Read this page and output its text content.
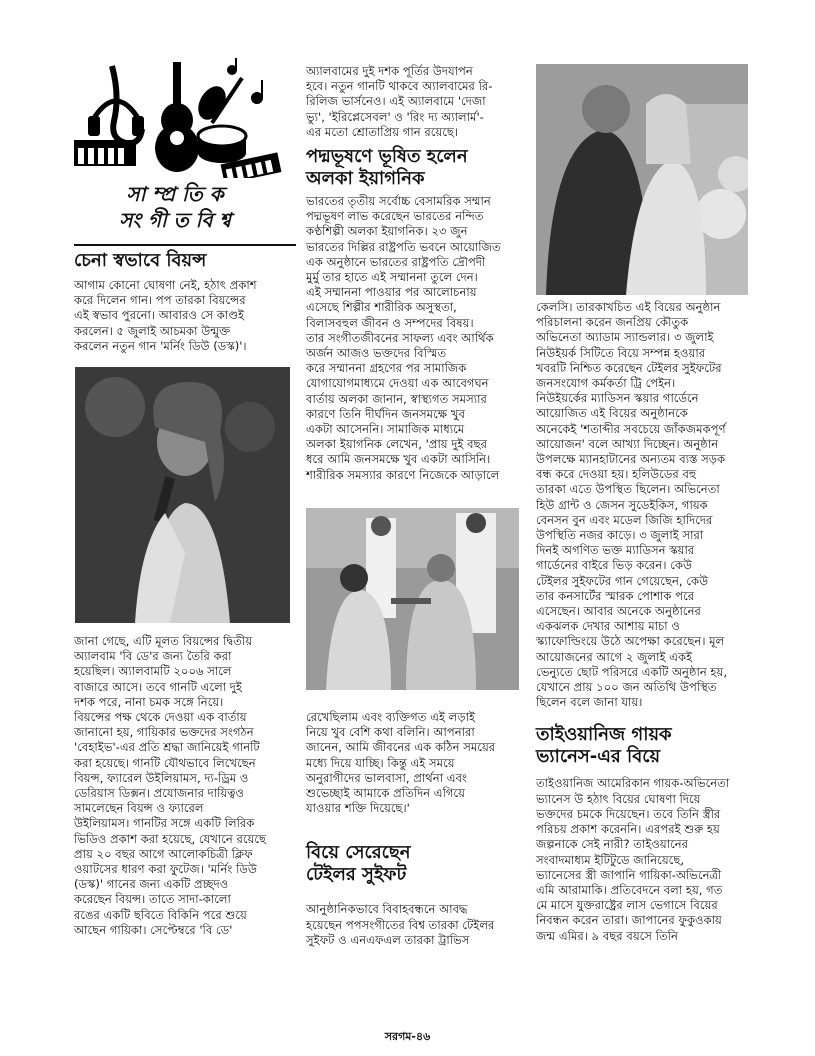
সা ম্প্র তি ক
সং গী ত বি শ্ব

চেনা স্বভাবে বিয়ন্স

আগাম কোনো ঘোষণা নেই, হঠাৎ প্রকাশ
করে দিলেন গান। পপ তারকা বিয়ন্সের
এই স্বভাব পুরনো। আবারও সে কাণ্ডই
করলেন। ৫ জুলাই আচমকা উন্মুক্ত
করলেন নতুন গান 'মর্নিং ডিউ (ডস্ক)'।

জানা গেছে, এটি মূলত বিয়ন্সের দ্বিতীয়
অ্যালবাম 'বি ডে'র জন্য তৈরি করা
হয়েছিল। অ্যালবামটি ২০০৬ সালে
বাজারে আসে। তবে গানটি এলো দুই
দশক পরে, নানা চমক সঙ্গে নিয়ে।
বিয়ন্সের পক্ষ থেকে দেওয়া এক বার্তায়
জানানো হয়, গায়িকার ভক্তদের সংগঠন
'বেহাইভ'-এর প্রতি শ্রদ্ধা জানিয়েই গানটি
করা হয়েছে। গানটি যৌথভাবে লিখেছেন
বিয়ন্স, ফ্যারেল উইলিয়ামস, দ্য-ড্রিম ও
ডেরিয়াস ডিক্সন। প্রযোজনার দায়িত্বও
সামলেছেন বিয়ন্স ও ফ্যারেল
উইলিয়ামস। গানটির সঙ্গে একটি লিরিক
ভিডিও প্রকাশ করা হয়েছে, যেখানে রয়েছে
প্রায় ২০ বছর আগে আলোকচিত্রী ক্লিফ
ওয়াটসের ধারণ করা ফুটেজ। 'মর্নিং ডিউ
(ডস্ক)' গানের জন্য একটি প্রচ্ছদও
করেছেন বিয়ন্স। তাতে সাদা-কালো
রঙের একটি ছবিতে বিকিনি পরে শুয়ে
আছেন গায়িকা। সেপ্টেম্বরে 'বি ডে'

অ্যালবামের দুই দশক পূর্তির উদযাপন
হবে। নতুন গানটি থাকবে অ্যালবামের রি-
রিলিজ ভার্সনেও। এই অ্যালবামে 'দেজা
ভ্যু', 'ইরিপ্লেসেবল' ও 'রিং দ্য অ্যালার্ম'-
এর মতো শ্রোতাপ্রিয় গান রয়েছে।

পদ্মভূষণে ভূষিত হলেন
অলকা ইয়াগনিক

ভারতের তৃতীয় সর্বোচ্চ বেসামরিক সম্মান
পদ্মভূষণ লাভ করেছেন ভারতের নন্দিত
কণ্ঠশিল্পী অলকা ইয়াগনিক। ২৩ জুন
ভারতের দিল্লির রাষ্ট্রপতি ভবনে আয়োজিত
এক অনুষ্ঠানে ভারতের রাষ্ট্রপতি দ্রৌপদী
মুর্মু তার হাতে এই সম্মাননা তুলে দেন।
এই সম্মাননা পাওয়ার পর আলোচনায়
এসেছে শিল্পীর শারীরিক অসুস্থতা,
বিলাসবহুল জীবন ও সম্পদের বিষয়।
তার সংগীতজীবনের সাফল্য এবং আর্থিক
অর্জন আজও ভক্তদের বিস্মিত
করে সম্মাননা গ্রহণের পর সামাজিক
যোগাযোগমাধ্যমে দেওয়া এক আবেগঘন
বার্তায় অলকা জানান, স্বাস্থ্যগত সমস্যার
কারণে তিনি দীর্ঘদিন জনসমক্ষে খুব
একটা আসেননি। সামাজিক মাধ্যমে
অলকা ইয়াগনিক লেখেন, 'প্রায় দুই বছর
ধরে আমি জনসমক্ষে খুব একটা আসিনি।
শারীরিক সমস্যার কারণে নিজেকে আড়ালে

রেখেছিলাম এবং ব্যক্তিগত এই লড়াই
নিয়ে খুব বেশি কথা বলিনি। আপনারা
জানেন, আমি জীবনের এক কঠিন সময়ের
মধ্যে দিয়ে যাচ্ছি। কিন্তু এই সময়ে
অনুরাগীদের ভালবাসা, প্রার্থনা এবং
শুভেচ্ছাই আমাকে প্রতিদিন এগিয়ে
যাওয়ার শক্তি দিয়েছে।'

বিয়ে সেরেছেন
টেইলর সুইফট

আনুষ্ঠানিকভাবে বিবাহবন্ধনে আবদ্ধ
হয়েছেন পপসংগীতের বিশ্ব তারকা টেইলর
সুইফট ও এনএফএল তারকা ট্রাভিস

কেলসি। তারকাখচিত এই বিয়ের অনুষ্ঠান
পরিচালনা করেন জনপ্রিয় কৌতুক
অভিনেতা অ্যাডাম স্যান্ডলার। ৩ জুলাই
নিউইয়র্ক সিটিতে বিয়ে সম্পন্ন হওয়ার
খবরটি নিশ্চিত করেছেন টেইলর সুইফটের
জনসংযোগ কর্মকর্তা ট্রি পেইন।
নিউইয়র্কের ম্যাডিসন স্কয়ার গার্ডেনে
আয়োজিত এই বিয়ের অনুষ্ঠানকে
অনেকেই 'শতাব্দীর সবচেয়ে জাঁকজমকপূর্ণ
আয়োজন' বলে আখ্যা দিচ্ছেন। অনুষ্ঠান
উপলক্ষে ম্যানহাটানের অন্যতম ব্যস্ত সড়ক
বন্ধ করে দেওয়া হয়। হলিউডের বহু
তারকা এতে উপস্থিত ছিলেন। অভিনেতা
হিউ গ্রান্ট ও জেসন সুডেইকিস, গায়ক
বেনসন বুন এবং মডেল জিজি হাদিদের
উপস্থিতি নজর কাড়ে। ৩ জুলাই সারা
দিনই অগণিত ভক্ত ম্যাডিসন স্কয়ার
গার্ডেনের বাইরে ভিড় করেন। কেউ
টেইলর সুইফটের গান গেয়েছেন, কেউ
তার কনসার্টের স্মারক পোশাক পরে
এসেছেন। আবার অনেকে অনুষ্ঠানের
একঝলক দেখার আশায় মাচা ও
স্ক্যাফোল্ডিংয়ে উঠে অপেক্ষা করেছেন। মূল
আয়োজনের আগে ২ জুলাই একই
ভেন্যুতে ছোট পরিসরে একটি অনুষ্ঠান হয়,
যেখানে প্রায় ১০০ জন অতিথি উপস্থিত
ছিলেন বলে জানা যায়।

তাইওয়ানিজ গায়ক
ভ্যানেস-এর বিয়ে

তাইওয়ানিজ আমেরিকান গায়ক-অভিনেতা
ভ্যানেস উ হঠাৎ বিয়ের ঘোষণা দিয়ে
ভক্তদের চমকে দিয়েছেন। তবে তিনি স্ত্রীর
পরিচয় প্রকাশ করেননি। এরপরই শুরু হয়
জল্পনাকে সেই নারী? তাইওয়ানের
সংবাদমাধ্যম ইটিটুডে জানিয়েছে,
ভ্যানেসের স্ত্রী জাপানি গায়িকা-অভিনেত্রী
এমি আরামাকি। প্রতিবেদনে বলা হয়, গত
মে মাসে যুক্তরাষ্ট্রের লাস ভেগাসে বিয়ের
নিবন্ধন করেন তারা। জাপানের ফুকুওকায়
জন্ম এমির। ৯ বছর বয়সে তিনি

সরগম-৪৬
